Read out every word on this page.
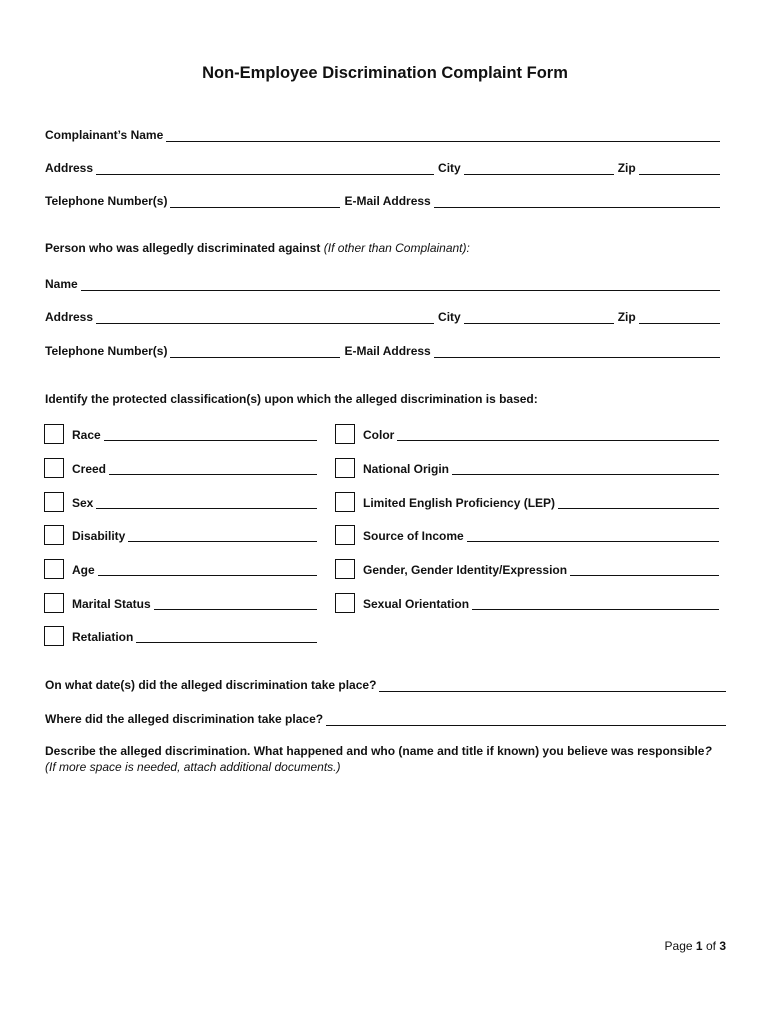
Non-Employee Discrimination Complaint Form
Complainant’s Name
Address	City	Zip
Telephone Number(s)	E-Mail Address
Person who was allegedly discriminated against (If other than Complainant):
Name
Address	City	Zip
Telephone Number(s)	E-Mail Address
Identify the protected classification(s) upon which the alleged discrimination is based:
Race
Creed
Sex
Disability
Age
Marital Status
Retaliation
Color
National Origin
Limited English Proficiency (LEP)
Source of Income
Gender, Gender Identity/Expression
Sexual Orientation
On what date(s) did the alleged discrimination take place?
Where did the alleged discrimination take place?
Describe the alleged discrimination. What happened and who (name and title if known) you believe was responsible?
(If more space is needed, attach additional documents.)
Page 1 of 3
